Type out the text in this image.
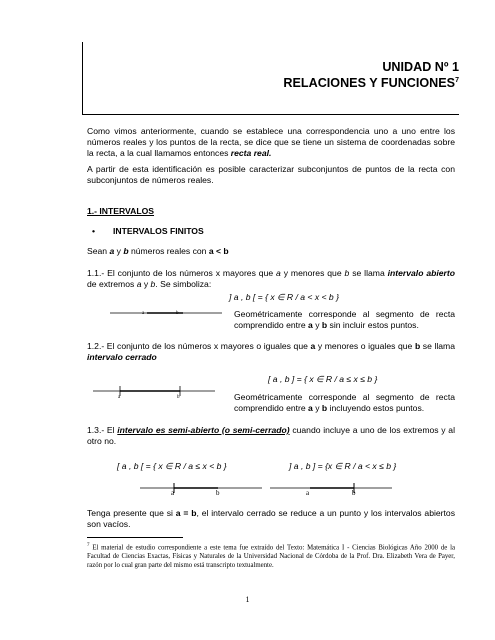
UNIDAD Nº 1
RELACIONES Y FUNCIONES$^7$
Como vimos anteriormente, cuando se establece una correspondencia uno a uno entre los números reales y los puntos de la recta, se dice que se tiene un sistema de coordenadas sobre la recta, a la cual llamamos entonces recta real.
A partir de esta identificación es posible caracterizar subconjuntos de puntos de la recta con subconjuntos de números reales.
1.- INTERVALOS
• INTERVALOS FINITOS
Sean a y b números reales con a < b
1.1.- El conjunto de los números x mayores que a y menores que b se llama intervalo abierto de extremos a y b. Se simboliza:
] a , b [ = { x ∈ R / a < x < b }
a	b	Geométricamente corresponde al segmento de recta comprendido entre a y b sin incluir estos puntos.
1.2.- El conjunto de los números x mayores o iguales que a y menores o iguales que b se llama intervalo cerrado
[ a , b ] = { x ∈ R / a ≤ x ≤ b }
a	b	Geométricamente corresponde al segmento de recta comprendido entre a y b incluyendo estos puntos.
1.3.- El intervalo es semi-abierto (o semi-cerrado) cuando incluye a uno de los extremos y al otro no.
[ a , b [ = { x ∈ R / a ≤ x < b }	] a , b ] = {x ∈ R / a < x ≤ b }
a	b	a	b
Tenga presente que si a = b, el intervalo cerrado se reduce a un punto y los intervalos abiertos son vacíos.
$^7$ El material de estudio correspondiente a este tema fue extraído del Texto: Matemática I - Ciencias Biológicas Año 2000 de la Facultad de Ciencias Exactas, Físicas y Naturales de la Universidad Nacional de Córdoba de la Prof. Dra. Elizabeth Vera de Payer, razón por lo cual gran parte del mismo está transcripto textualmente.
1
